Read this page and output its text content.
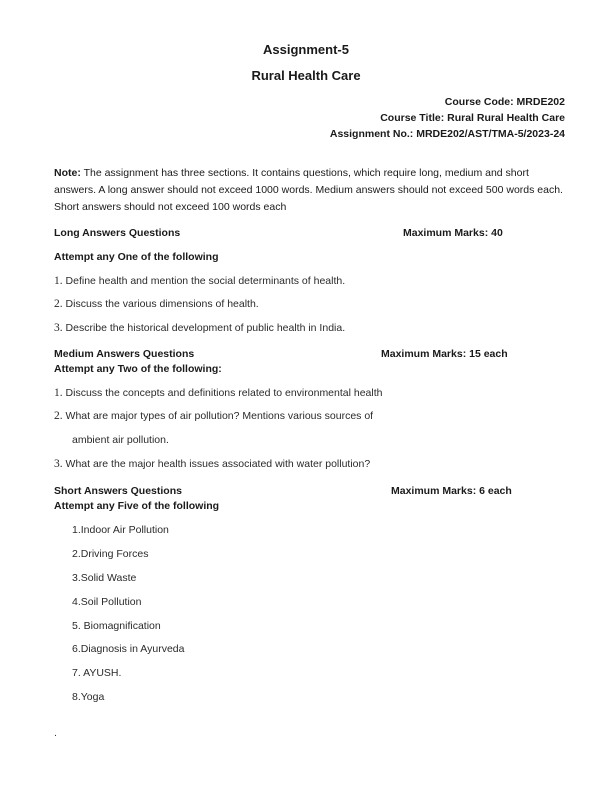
Assignment-5
Rural Health Care
Course Code: MRDE202
Course Title: Rural Rural Health Care
Assignment No.: MRDE202/AST/TMA-5/2023-24
Note: The assignment has three sections. It contains questions, which require long, medium and short answers. A long answer should not exceed 1000 words. Medium answers should not exceed 500 words each. Short answers should not exceed 100 words each
Long Answers Questions	Maximum Marks: 40
Attempt any One of the following
1. Define health and mention the social determinants of health.
2. Discuss the various dimensions of health.
3. Describe the historical development of public health in India.
Medium Answers Questions	Maximum Marks: 15 each
Attempt any Two of the following:
1. Discuss the concepts and definitions related to environmental health
2. What are major types of air pollution? Mentions various sources of
ambient air pollution.
3. What are the major health issues associated with water pollution?
Short Answers Questions	Maximum Marks: 6 each
Attempt any Five of the following
1.Indoor Air Pollution
2.Driving Forces
3.Solid Waste
4.Soil Pollution
5. Biomagnification
6.Diagnosis in Ayurveda
7. AYUSH.
8.Yoga
.
